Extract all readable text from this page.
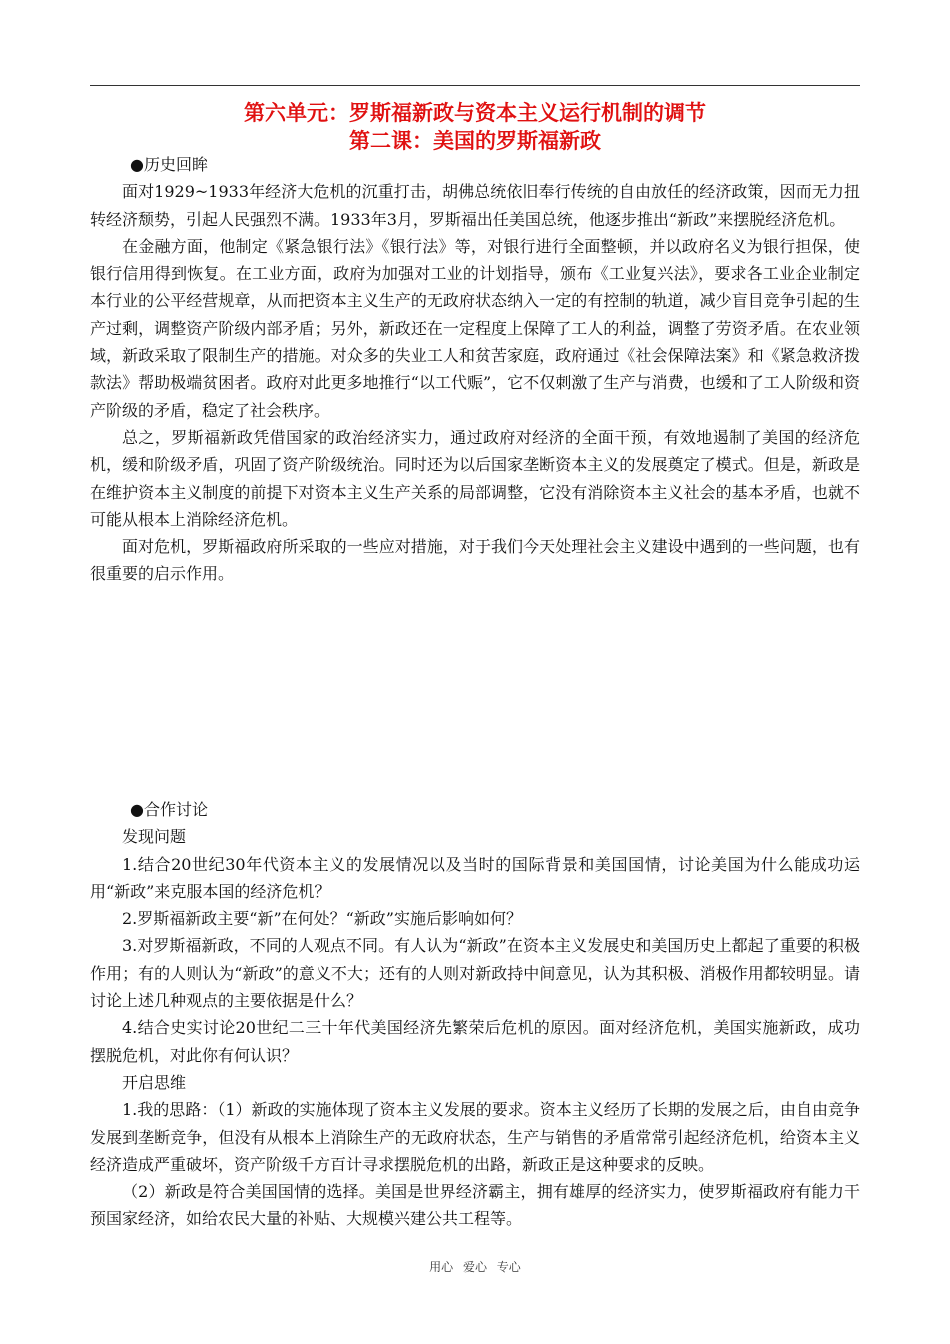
第六单元：罗斯福新政与资本主义运行机制的调节
第二课：美国的罗斯福新政

●历史回眸

面对1929~1933年经济大危机的沉重打击，胡佛总统依旧奉行传统的自由放任的经济政策，因而无力扭转经济颓势，引起人民强烈不满。1933年3月，罗斯福出任美国总统，他逐步推出“新政”来摆脱经济危机。

在金融方面，他制定《紧急银行法》《银行法》等，对银行进行全面整顿，并以政府名义为银行担保，使银行信用得到恢复。在工业方面，政府为加强对工业的计划指导，颁布《工业复兴法》，要求各工业企业制定本行业的公平经营规章，从而把资本主义生产的无政府状态纳入一定的有控制的轨道，减少盲目竞争引起的生产过剩，调整资产阶级内部矛盾；另外，新政还在一定程度上保障了工人的利益，调整了劳资矛盾。在农业领域，新政采取了限制生产的措施。对众多的失业工人和贫苦家庭，政府通过《社会保障法案》和《紧急救济拨款法》帮助极端贫困者。政府对此更多地推行“以工代赈”，它不仅刺激了生产与消费，也缓和了工人阶级和资产阶级的矛盾，稳定了社会秩序。

总之，罗斯福新政凭借国家的政治经济实力，通过政府对经济的全面干预，有效地遏制了美国的经济危机，缓和阶级矛盾，巩固了资产阶级统治。同时还为以后国家垄断资本主义的发展奠定了模式。但是，新政是在维护资本主义制度的前提下对资本主义生产关系的局部调整，它没有消除资本主义社会的基本矛盾，也就不可能从根本上消除经济危机。

面对危机，罗斯福政府所采取的一些应对措施，对于我们今天处理社会主义建设中遇到的一些问题，也有很重要的启示作用。

●合作讨论

发现问题

1.结合20世纪30年代资本主义的发展情况以及当时的国际背景和美国国情，讨论美国为什么能成功运用“新政”来克服本国的经济危机？

2.罗斯福新政主要“新”在何处？“新政”实施后影响如何？

3.对罗斯福新政，不同的人观点不同。有人认为“新政”在资本主义发展史和美国历史上都起了重要的积极作用；有的人则认为“新政”的意义不大；还有的人则对新政持中间意见，认为其积极、消极作用都较明显。请讨论上述几种观点的主要依据是什么？

4.结合史实讨论20世纪二三十年代美国经济先繁荣后危机的原因。面对经济危机，美国实施新政，成功摆脱危机，对此你有何认识？

开启思维

1.我的思路：（1）新政的实施体现了资本主义发展的要求。资本主义经历了长期的发展之后，由自由竞争发展到垄断竞争，但没有从根本上消除生产的无政府状态，生产与销售的矛盾常常引起经济危机，给资本主义经济造成严重破坏，资产阶级千方百计寻求摆脱危机的出路，新政正是这种要求的反映。

（2）新政是符合美国国情的选择。美国是世界经济霸主，拥有雄厚的经济实力，使罗斯福政府有能力干预国家经济，如给农民大量的补贴、大规模兴建公共工程等。

用心 爱心 专心
